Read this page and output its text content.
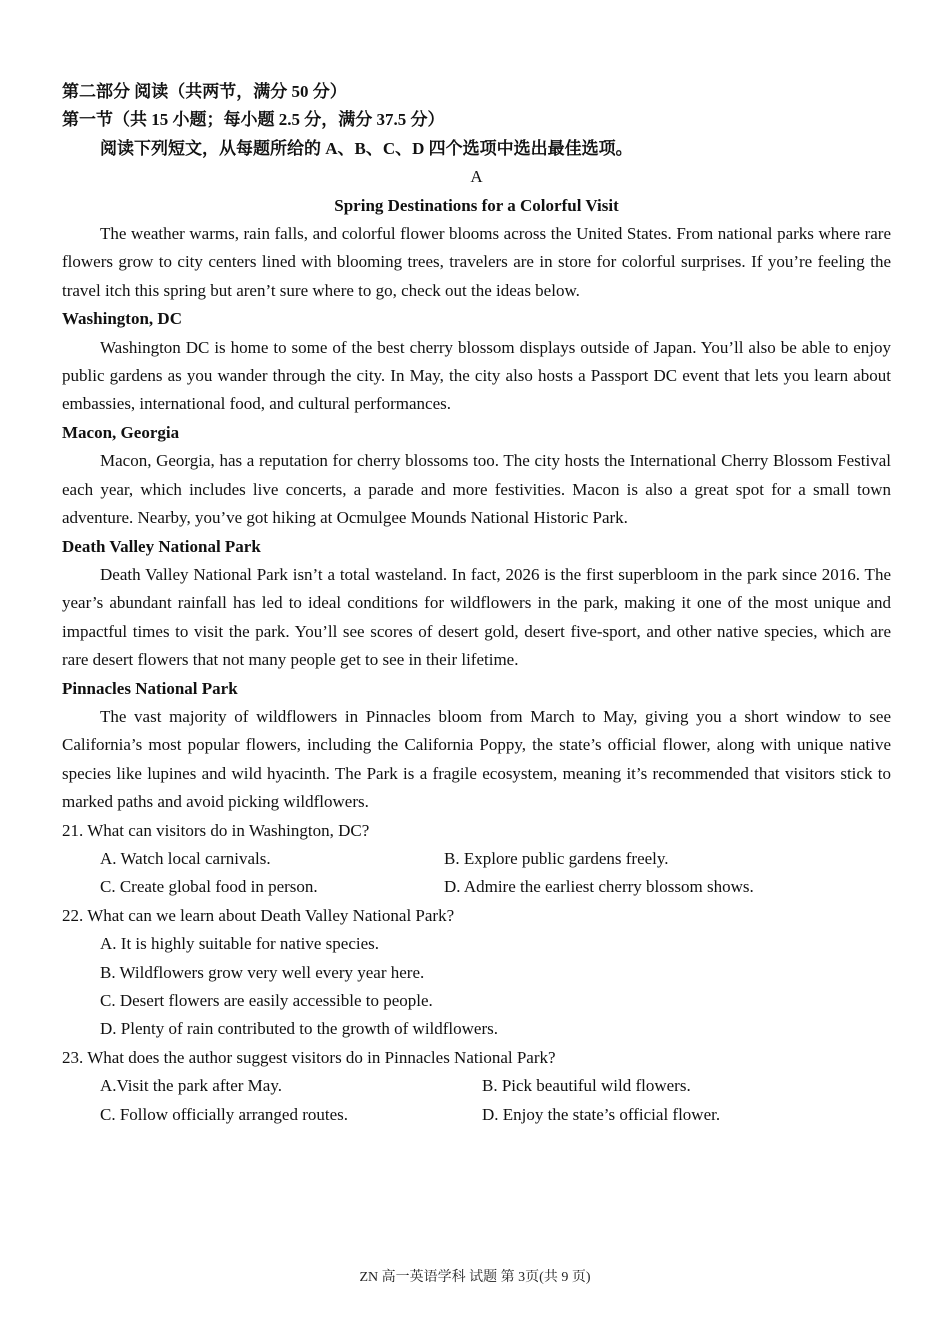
第二部分 阅读（共两节，满分 50 分）
第一节（共 15 小题；每小题 2.5 分，满分 37.5 分）
阅读下列短文，从每题所给的 A、B、C、D 四个选项中选出最佳选项。
A
Spring Destinations for a Colorful Visit
The weather warms, rain falls, and colorful flower blooms across the United States. From national parks where rare flowers grow to city centers lined with blooming trees, travelers are in store for colorful surprises. If you’re feeling the travel itch this spring but aren’t sure where to go, check out the ideas below.
Washington, DC
Washington DC is home to some of the best cherry blossom displays outside of Japan. You’ll also be able to enjoy public gardens as you wander through the city. In May, the city also hosts a Passport DC event that lets you learn about embassies, international food, and cultural performances.
Macon, Georgia
Macon, Georgia, has a reputation for cherry blossoms too. The city hosts the International Cherry Blossom Festival each year, which includes live concerts, a parade and more festivities. Macon is also a great spot for a small town adventure. Nearby, you’ve got hiking at Ocmulgee Mounds National Historic Park.
Death Valley National Park
Death Valley National Park isn’t a total wasteland. In fact, 2026 is the first superbloom in the park since 2016. The year’s abundant rainfall has led to ideal conditions for wildflowers in the park, making it one of the most unique and impactful times to visit the park. You’ll see scores of desert gold, desert five-sport, and other native species, which are rare desert flowers that not many people get to see in their lifetime.
Pinnacles National Park
The vast majority of wildflowers in Pinnacles bloom from March to May, giving you a short window to see California’s most popular flowers, including the California Poppy, the state’s official flower, along with unique native species like lupines and wild hyacinth. The Park is a fragile ecosystem, meaning it’s recommended that visitors stick to marked paths and avoid picking wildflowers.
21. What can visitors do in Washington, DC?
A. Watch local carnivals.	B. Explore public gardens freely.
C. Create global food in person.	D. Admire the earliest cherry blossom shows.
22. What can we learn about Death Valley National Park?
A. It is highly suitable for native species.
B. Wildflowers grow very well every year here.
C. Desert flowers are easily accessible to people.
D. Plenty of rain contributed to the growth of wildflowers.
23. What does the author suggest visitors do in Pinnacles National Park?
A.Visit the park after May.	B. Pick beautiful wild flowers.
C. Follow officially arranged routes.	D. Enjoy the state’s official flower.
ZN 高一英语学科 试题 第 3页(共 9 页)
